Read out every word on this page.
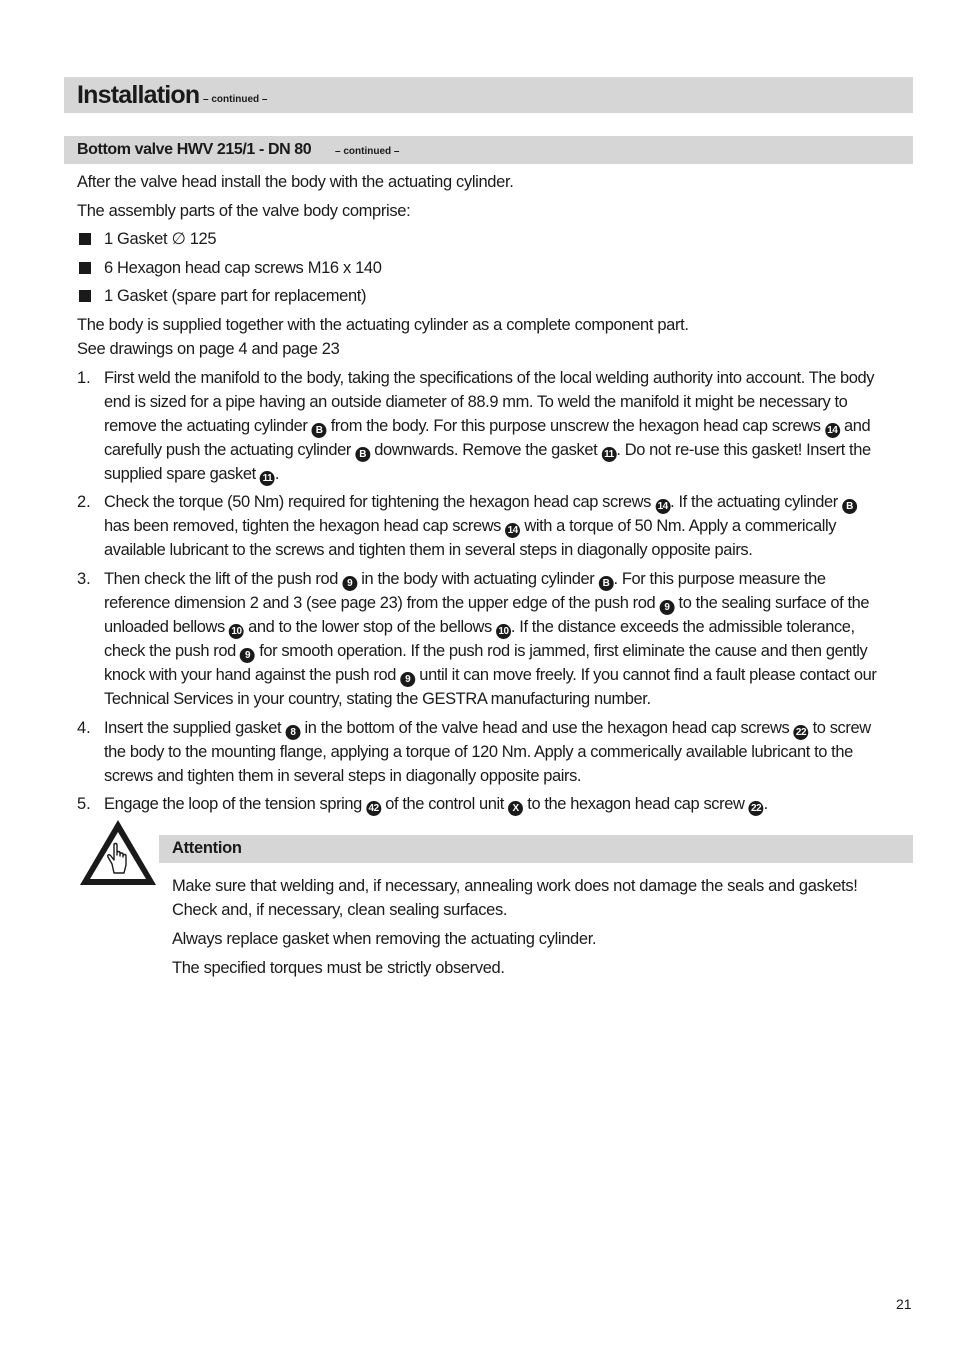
Installation – continued –
Bottom valve HWV 215/1 - DN 80 – continued –
After the valve head install the body with the actuating cylinder.
The assembly parts of the valve body comprise:
1 Gasket ∅ 125
6 Hexagon head cap screws M16 x 140
1 Gasket (spare part for replacement)
The body is supplied together with the actuating cylinder as a complete component part.
See drawings on page 4 and page 23
1. First weld the manifold to the body, taking the specifications of the local welding authority into account. The body
end is sized for a pipe having an outside diameter of 88.9 mm. To weld the manifold it might be necessary to
remove the actuating cylinder B from the body. For this purpose unscrew the hexagon head cap screws 14 and
carefully push the actuating cylinder B downwards. Remove the gasket 11 . Do not re-use this gasket! Insert the
supplied spare gasket 11 .
2. Check the torque (50 Nm) required for tightening the hexagon head cap screws 14 . If the actuating cylinder B
has been removed, tighten the hexagon head cap screws 14 with a torque of 50 Nm. Apply a commerically
available lubricant to the screws and tighten them in several steps in diagonally opposite pairs.
3. Then check the lift of the push rod 9 in the body with actuating cylinder B . For this purpose measure the
reference dimension 2 and 3 (see page 23) from the upper edge of the push rod 9 to the sealing surface of the
unloaded bellows 10 and to the lower stop of the bellows 10 . If the distance exceeds the admissible tolerance,
check the push rod 9 for smooth operation. If the push rod is jammed, first eliminate the cause and then gently
knock with your hand against the push rod 9 until it can move freely. If you cannot find a fault please contact our
Technical Services in your country, stating the GESTRA manufacturing number.
4. Insert the supplied gasket 8 in the bottom of the valve head and use the hexagon head cap screws 22 to screw
the body to the mounting flange, applying a torque of 120 Nm. Apply a commerically available lubricant to the
screws and tighten them in several steps in diagonally opposite pairs.
5. Engage the loop of the tension spring 42 of the control unit X to the hexagon head cap screw 22 .
Attention
Make sure that welding and, if necessary, annealing work does not damage the seals and gaskets!
Check and, if necessary, clean sealing surfaces.
Always replace gasket when removing the actuating cylinder.
The specified torques must be strictly observed.
21
